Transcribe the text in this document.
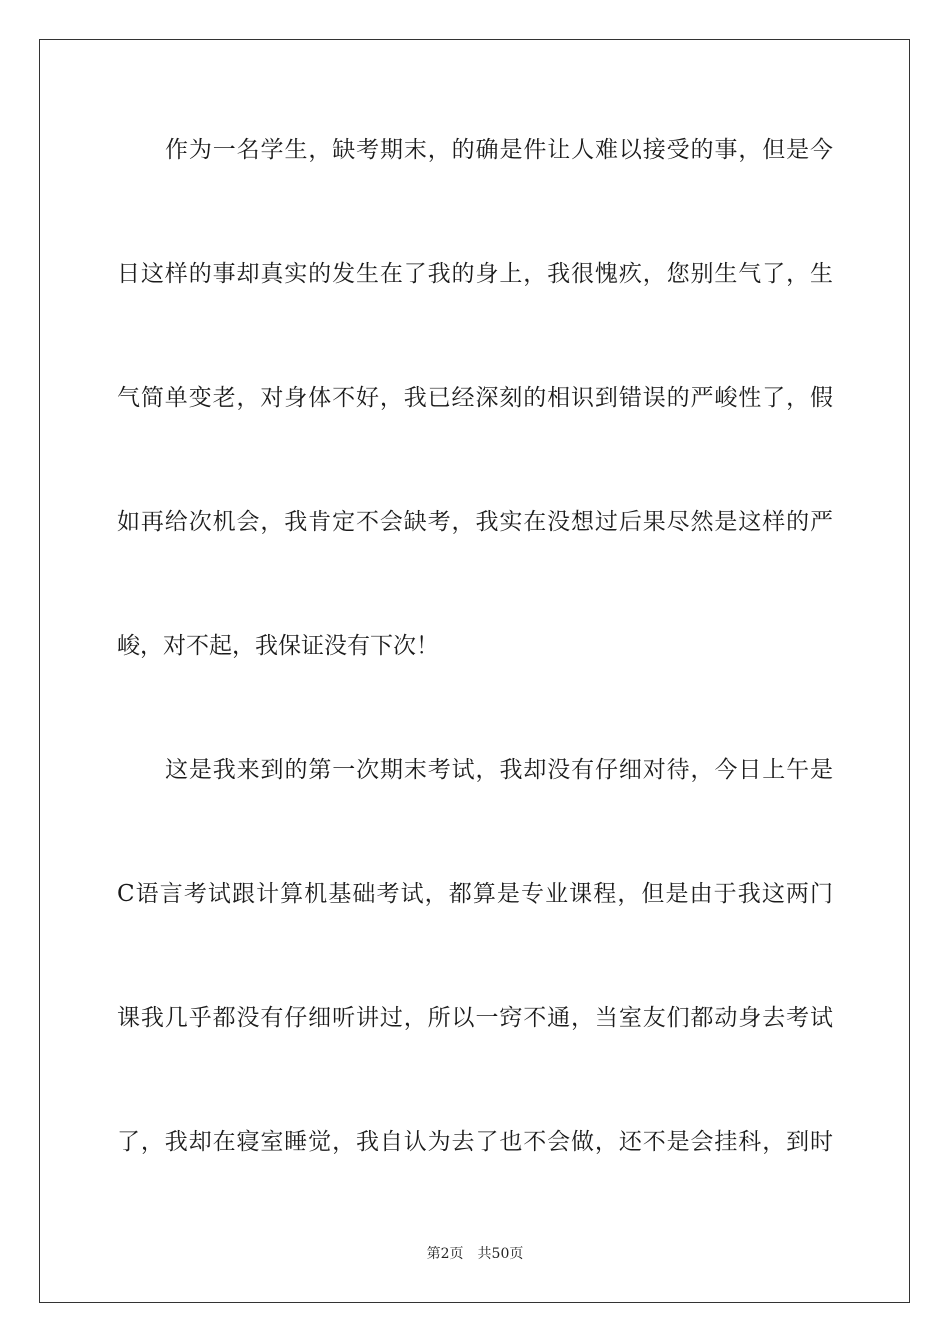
作为一名学生，缺考期末，的确是件让人难以接受的事，但是今
日这样的事却真实的发生在了我的身上，我很愧疚，您别生气了，生
气简单变老，对身体不好，我已经深刻的相识到错误的严峻性了，假
如再给次机会，我肯定不会缺考，我实在没想过后果尽然是这样的严
峻，对不起，我保证没有下次！
这是我来到的第一次期末考试，我却没有仔细对待，今日上午是
C语言考试跟计算机基础考试，都算是专业课程，但是由于我这两门
课我几乎都没有仔细听讲过，所以一窍不通，当室友们都动身去考试
了，我却在寝室睡觉，我自认为去了也不会做，还不是会挂科，到时
第2页 共50页
